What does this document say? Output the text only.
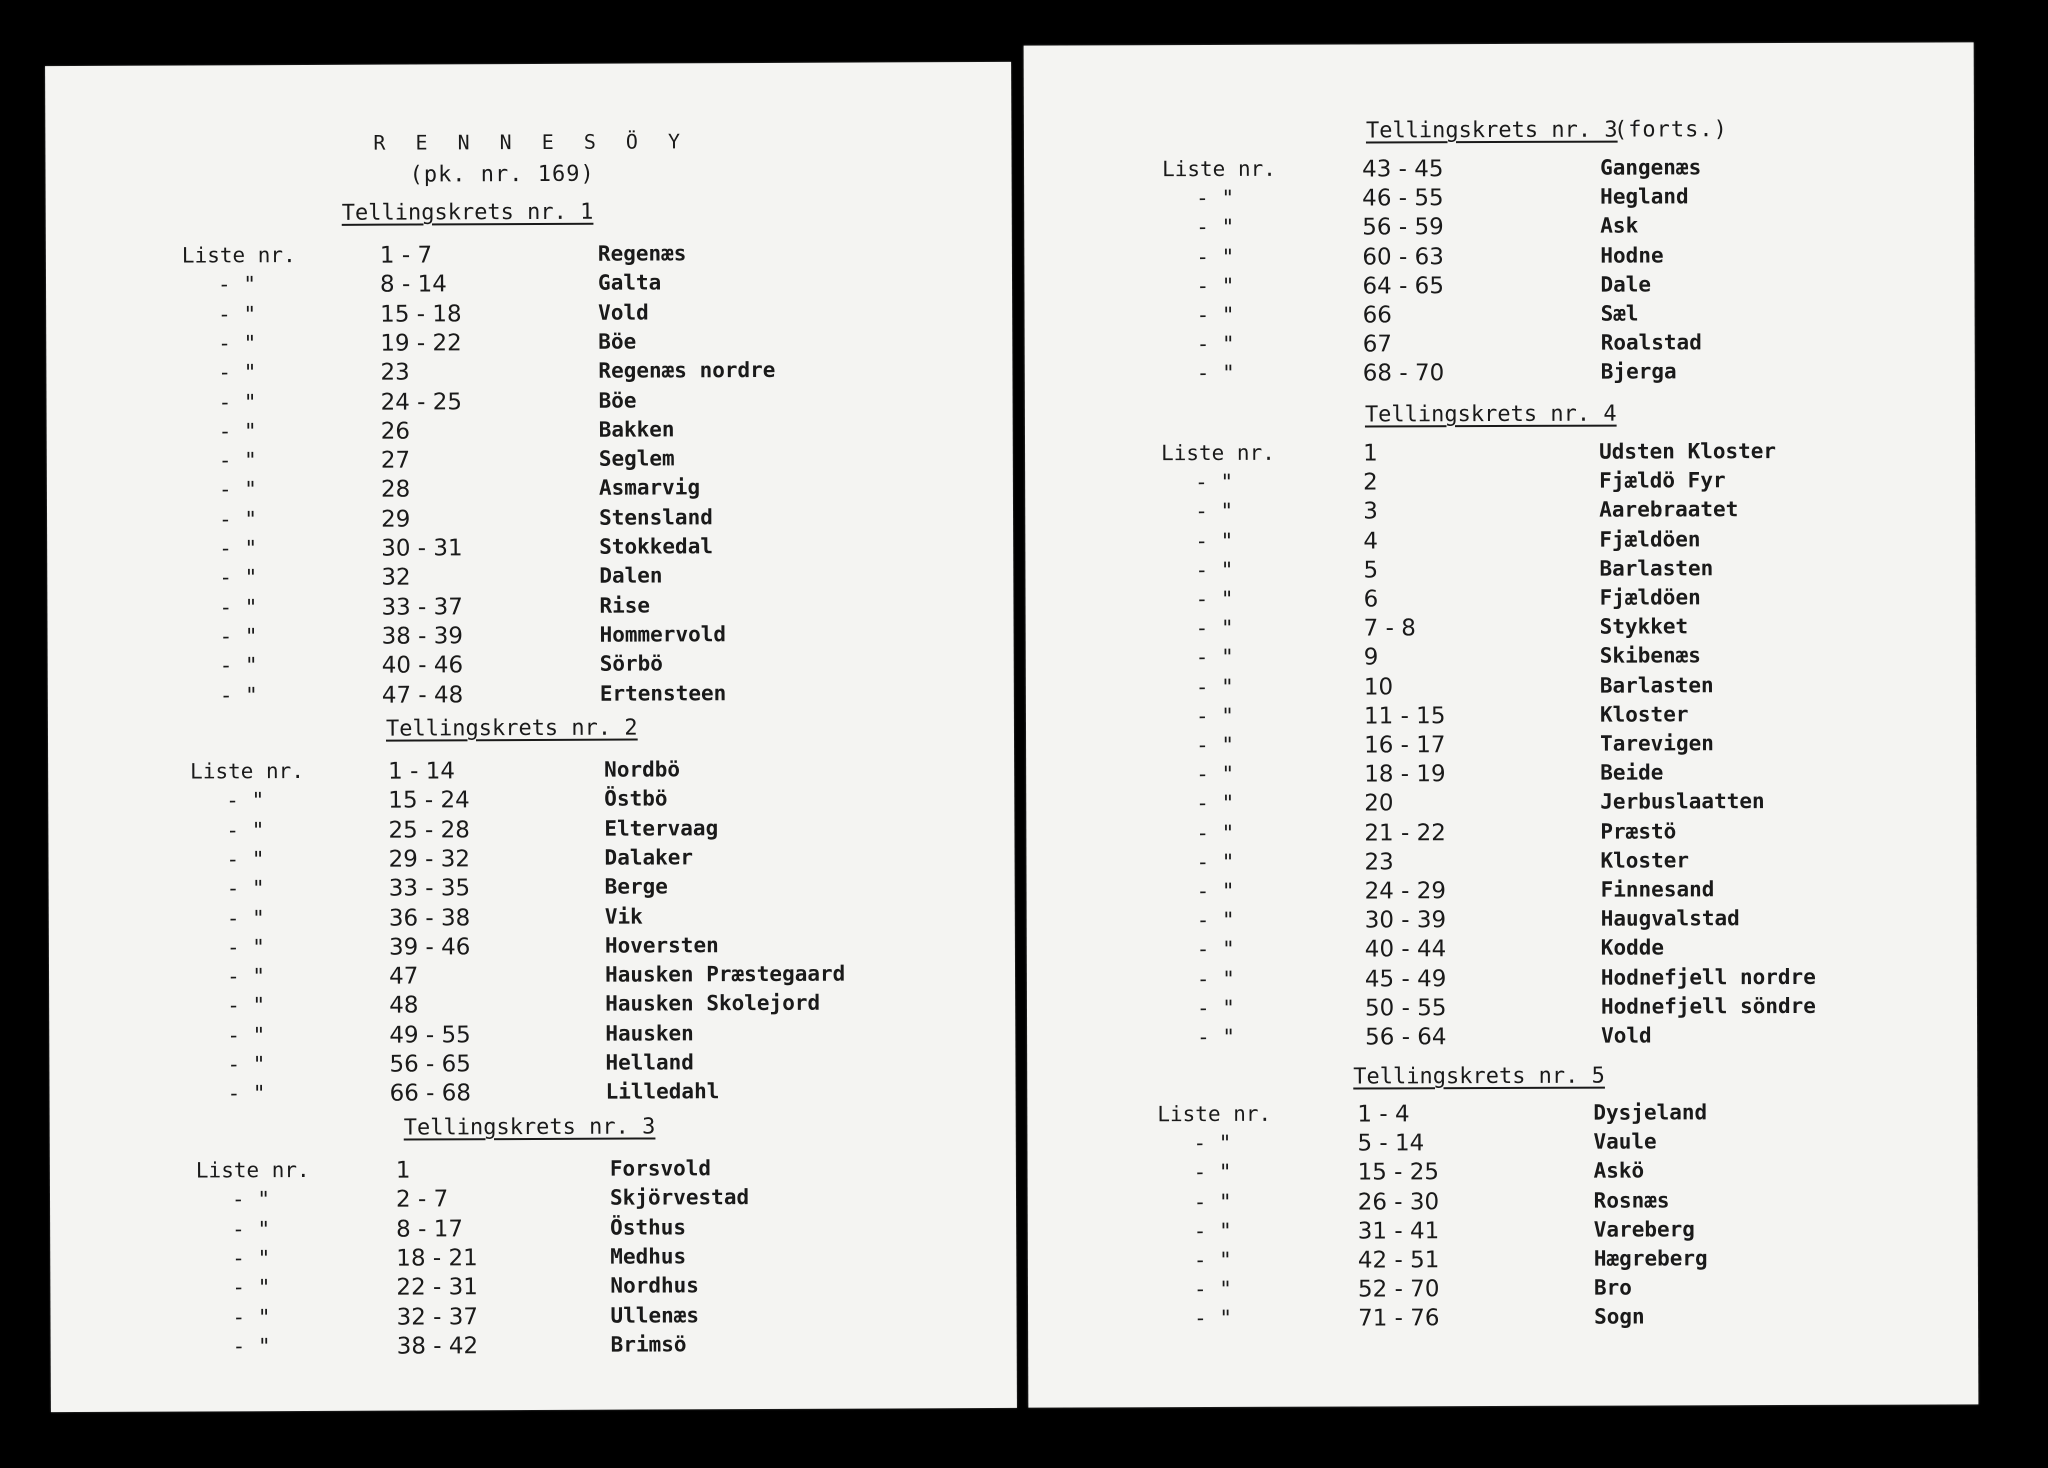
R E N N E S Ö Y
(pk. nr. 169)
Tellingskrets nr. 1
Liste nr.	1 - 7	Regenæs
- "	8 - 14	Galta
- "	15 - 18	Vold
- "	19 - 22	Böe
- "	23	Regenæs nordre
- "	24 - 25	Böe
- "	26	Bakken
- "	27	Seglem
- "	28	Asmarvig
- "	29	Stensland
- "	30 - 31	Stokkedal
- "	32	Dalen
- "	33 - 37	Rise
- "	38 - 39	Hommervold
- "	40 - 46	Sörbö
- "	47 - 48	Ertensteen
Tellingskrets nr. 2
Liste nr.	1 - 14	Nordbö
- "	15 - 24	Östbö
- "	25 - 28	Eltervaag
- "	29 - 32	Dalaker
- "	33 - 35	Berge
- "	36 - 38	Vik
- "	39 - 46	Hoversten
- "	47	Hausken Præstegaard
- "	48	Hausken Skolejord
- "	49 - 55	Hausken
- "	56 - 65	Helland
- "	66 - 68	Lilledahl
Tellingskrets nr. 3
Liste nr.	1	Forsvold
- "	2 - 7	Skjörvestad
- "	8 - 17	Östhus
- "	18 - 21	Medhus
- "	22 - 31	Nordhus
- "	32 - 37	Ullenæs
- "	38 - 42	Brimsö
Tellingskrets nr. 3
(forts.)
Liste nr.	43 - 45	Gangenæs
- "	46 - 55	Hegland
- "	56 - 59	Ask
- "	60 - 63	Hodne
- "	64 - 65	Dale
- "	66	Sæl
- "	67	Roalstad
- "	68 - 70	Bjerga
Tellingskrets nr. 4
Liste nr.	1	Udsten Kloster
- "	2	Fjældö Fyr
- "	3	Aarebraatet
- "	4	Fjældöen
- "	5	Barlasten
- "	6	Fjældöen
- "	7 - 8	Stykket
- "	9	Skibenæs
- "	10	Barlasten
- "	11 - 15	Kloster
- "	16 - 17	Tarevigen
- "	18 - 19	Beide
- "	20	Jerbuslaatten
- "	21 - 22	Præstö
- "	23	Kloster
- "	24 - 29	Finnesand
- "	30 - 39	Haugvalstad
- "	40 - 44	Kodde
- "	45 - 49	Hodnefjell nordre
- "	50 - 55	Hodnefjell söndre
- "	56 - 64	Vold
Tellingskrets nr. 5
Liste nr.	1 - 4	Dysjeland
- "	5 - 14	Vaule
- "	15 - 25	Askö
- "	26 - 30	Rosnæs
- "	31 - 41	Vareberg
- "	42 - 51	Hægreberg
- "	52 - 70	Bro
- "	71 - 76	Sogn
